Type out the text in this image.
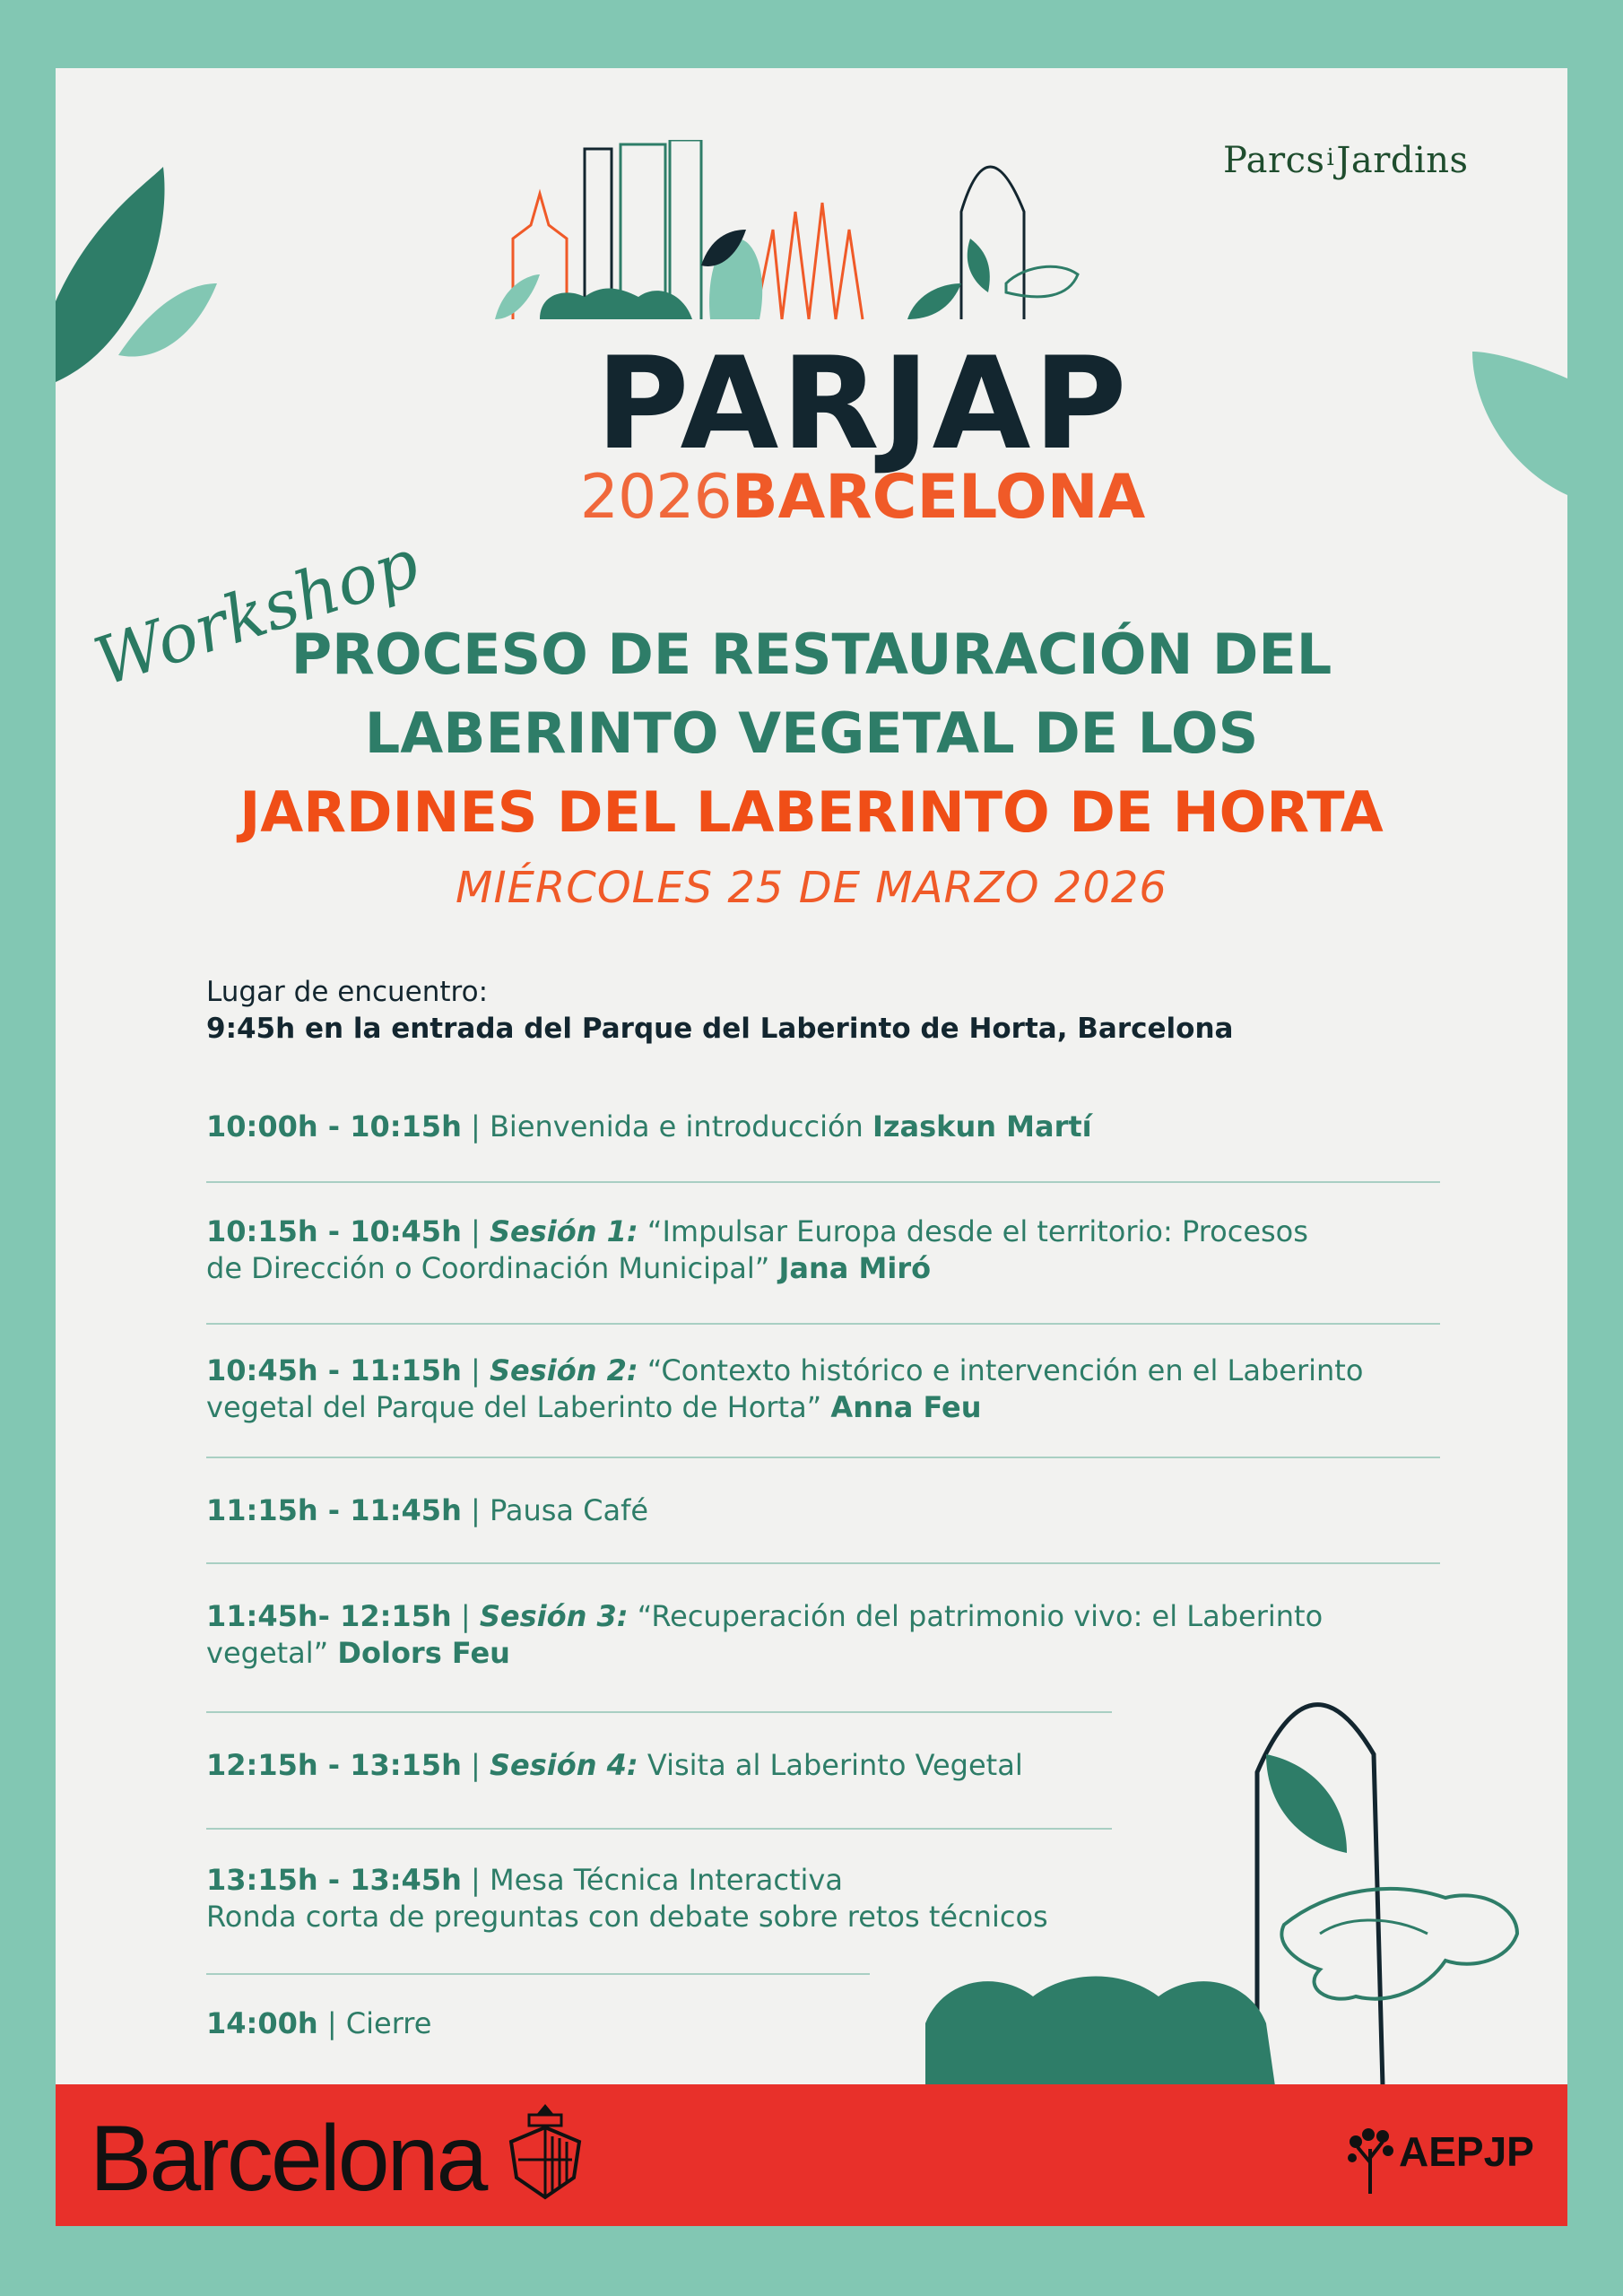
Parcs$^i$Jardins
PARJAP
2026BARCELONA
Workshop
PROCESO DE RESTAURACIÓN DEL
LABERINTO VEGETAL DE LOS
JARDINES DEL LABERINTO DE HORTA
MIÉRCOLES 25 DE MARZO 2026
Lugar de encuentro:
9:45h en la entrada del Parque del Laberinto de Horta, Barcelona
10:00h - 10:15h | Bienvenida e introducción Izaskun Martí
10:15h - 10:45h | Sesión 1: “Impulsar Europa desde el territorio: Procesos
de Dirección o Coordinación Municipal” Jana Miró
10:45h - 11:15h | Sesión 2: “Contexto histórico e intervención en el Laberinto
vegetal del Parque del Laberinto de Horta” Anna Feu
11:15h - 11:45h | Pausa Café
11:45h- 12:15h | Sesión 3: “Recuperación del patrimonio vivo: el Laberinto
vegetal” Dolors Feu
12:15h - 13:15h | Sesión 4: Visita al Laberinto Vegetal
13:15h - 13:45h | Mesa Técnica Interactiva
Ronda corta de preguntas con debate sobre retos técnicos
14:00h | Cierre
Barcelona	AEPJP
